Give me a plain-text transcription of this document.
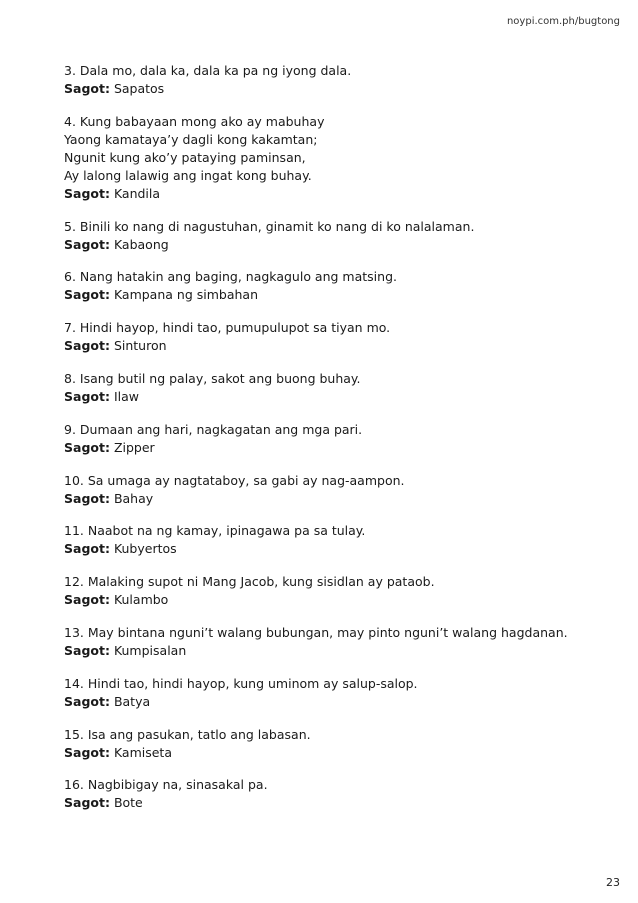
noypi.com.ph/bugtong
3. Dala mo, dala ka, dala ka pa ng iyong dala.
Sagot: Sapatos
4. Kung babayaan mong ako ay mabuhay
Yaong kamataya’y dagli kong kakamtan;
Ngunit kung ako’y pataying paminsan,
Ay lalong lalawig ang ingat kong buhay.
Sagot: Kandila
5. Binili ko nang di nagustuhan, ginamit ko nang di ko nalalaman.
Sagot: Kabaong
6. Nang hatakin ang baging, nagkagulo ang matsing.
Sagot: Kampana ng simbahan
7. Hindi hayop, hindi tao, pumupulupot sa tiyan mo.
Sagot: Sinturon
8. Isang butil ng palay, sakot ang buong buhay.
Sagot: Ilaw
9. Dumaan ang hari, nagkagatan ang mga pari.
Sagot: Zipper
10. Sa umaga ay nagtataboy, sa gabi ay nag-aampon.
Sagot: Bahay
11. Naabot na ng kamay, ipinagawa pa sa tulay.
Sagot: Kubyertos
12. Malaking supot ni Mang Jacob, kung sisidlan ay pataob.
Sagot: Kulambo
13. May bintana nguni’t walang bubungan, may pinto nguni’t walang hagdanan.
Sagot: Kumpisalan
14. Hindi tao, hindi hayop, kung uminom ay salup-salop.
Sagot: Batya
15. Isa ang pasukan, tatlo ang labasan.
Sagot: Kamiseta
16. Nagbibigay na, sinasakal pa.
Sagot: Bote
23
